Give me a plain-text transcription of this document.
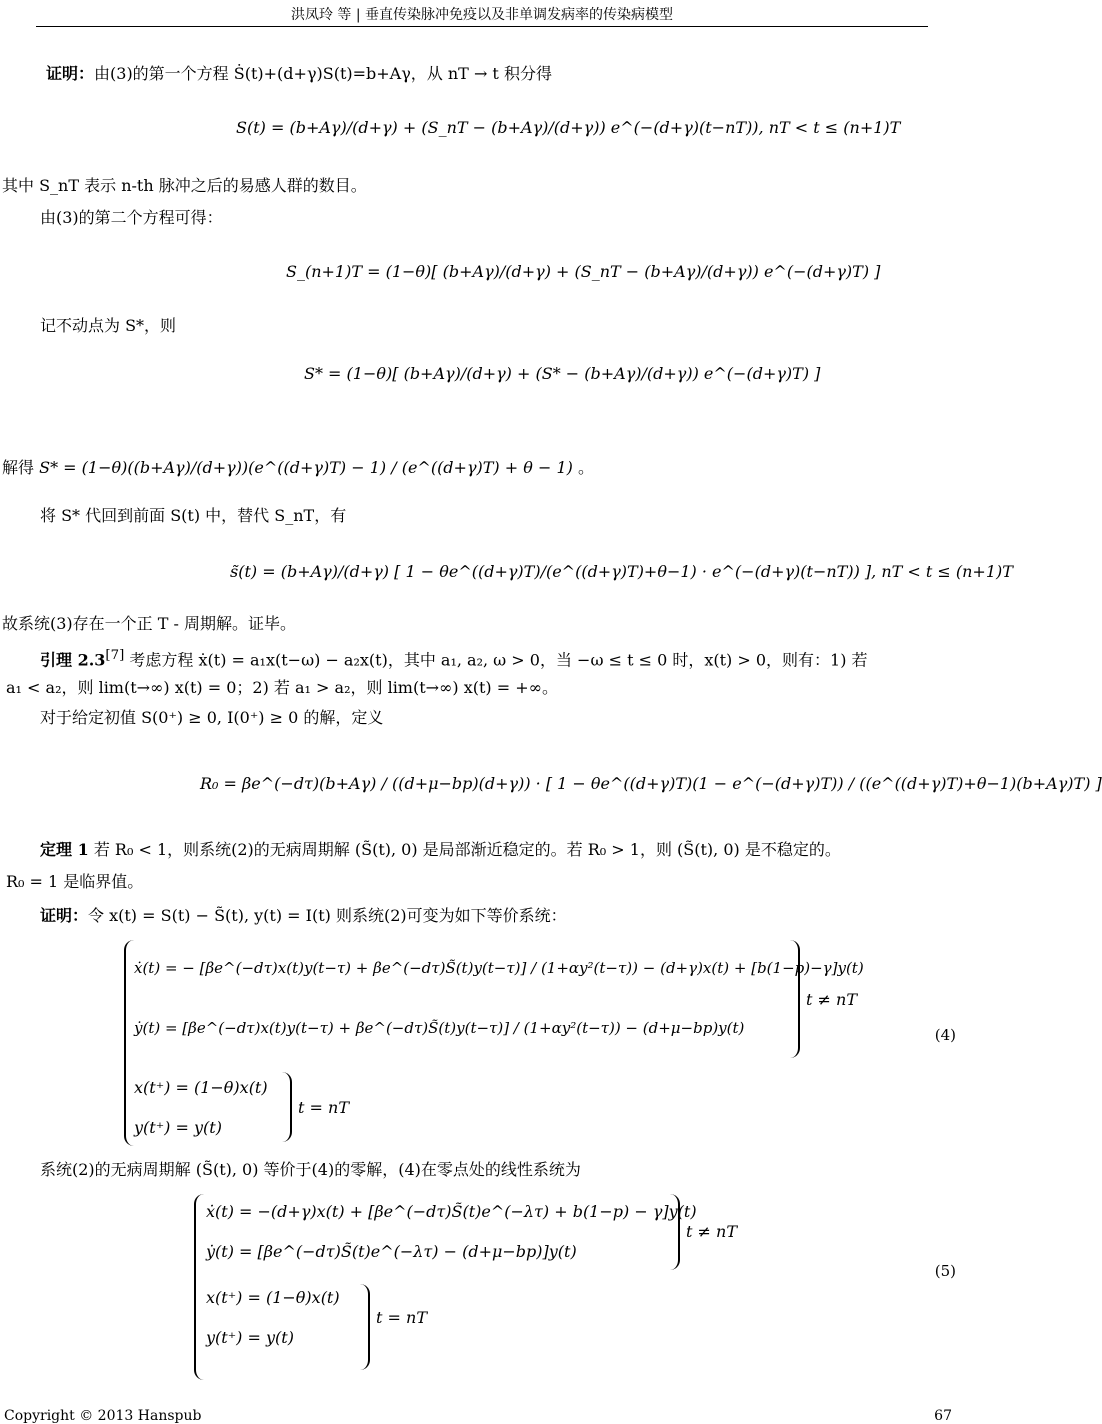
洪凤玲 等 | 垂直传染脉冲免疫以及非单调发病率的传染病模型
证明：由(3)的第一个方程 Ṡ(t)+(d+γ)S(t)=b+Aγ，从 nT → t 积分得
S(t) = (b+Aγ)/(d+γ) + (S_nT − (b+Aγ)/(d+γ)) e^(−(d+γ)(t−nT)), nT < t ≤ (n+1)T
其中 S_nT 表示 n-th 脉冲之后的易感人群的数目。
由(3)的第二个方程可得：
S_(n+1)T = (1−θ)[ (b+Aγ)/(d+γ) + (S_nT − (b+Aγ)/(d+γ)) e^(−(d+γ)T) ]
记不动点为 S*，则
S* = (1−θ)[ (b+Aγ)/(d+γ) + (S* − (b+Aγ)/(d+γ)) e^(−(d+γ)T) ]
解得 S* = (1−θ)((b+Aγ)/(d+γ))(e^((d+γ)T) − 1) / (e^((d+γ)T) + θ − 1) 。
将 S* 代回到前面 S(t) 中，替代 S_nT，有
s̃(t) = (b+Aγ)/(d+γ) [ 1 − θe^((d+γ)T)/(e^((d+γ)T)+θ−1) · e^(−(d+γ)(t−nT)) ], nT < t ≤ (n+1)T
故系统(3)存在一个正 T - 周期解。证毕。
引理 2.3[7] 考虑方程 ẋ(t) = a₁x(t−ω) − a₂x(t)，其中 a₁, a₂, ω > 0，当 −ω ≤ t ≤ 0 时，x(t) > 0，则有：1) 若
a₁ < a₂，则 lim(t→∞) x(t) = 0；2) 若 a₁ > a₂，则 lim(t→∞) x(t) = +∞。
对于给定初值 S(0⁺) ≥ 0, I(0⁺) ≥ 0 的解，定义
R₀ = βe^(−dτ)(b+Aγ) / ((d+μ−bp)(d+γ)) · [ 1 − θe^((d+γ)T)(1 − e^(−(d+γ)T)) / ((e^((d+γ)T)+θ−1)(b+Aγ)T) ]
定理 1 若 R₀ < 1，则系统(2)的无病周期解 (S̃(t), 0) 是局部渐近稳定的。若 R₀ > 1，则 (S̃(t), 0) 是不稳定的。
R₀ = 1 是临界值。
证明：令 x(t) = S(t) − S̃(t), y(t) = I(t) 则系统(2)可变为如下等价系统：
ẋ(t) = − [βe^(−dτ)x(t)y(t−τ) + βe^(−dτ)S̃(t)y(t−τ)] / (1+αy²(t−τ)) − (d+γ)x(t) + [b(1−p)−γ]y(t)
ẏ(t) = [βe^(−dτ)x(t)y(t−τ) + βe^(−dτ)S̃(t)y(t−τ)] / (1+αy²(t−τ)) − (d+μ−bp)y(t)
t ≠ nT
x(t⁺) = (1−θ)x(t)
y(t⁺) = y(t)
t = nT
(4)
系统(2)的无病周期解 (S̃(t), 0) 等价于(4)的零解，(4)在零点处的线性系统为
ẋ(t) = −(d+γ)x(t) + [βe^(−dτ)S̃(t)e^(−λτ) + b(1−p) − γ]y(t)
ẏ(t) = [βe^(−dτ)S̃(t)e^(−λτ) − (d+μ−bp)]y(t)
t ≠ nT
x(t⁺) = (1−θ)x(t)
y(t⁺) = y(t)
t = nT
(5)
Copyright © 2013 Hanspub	67
